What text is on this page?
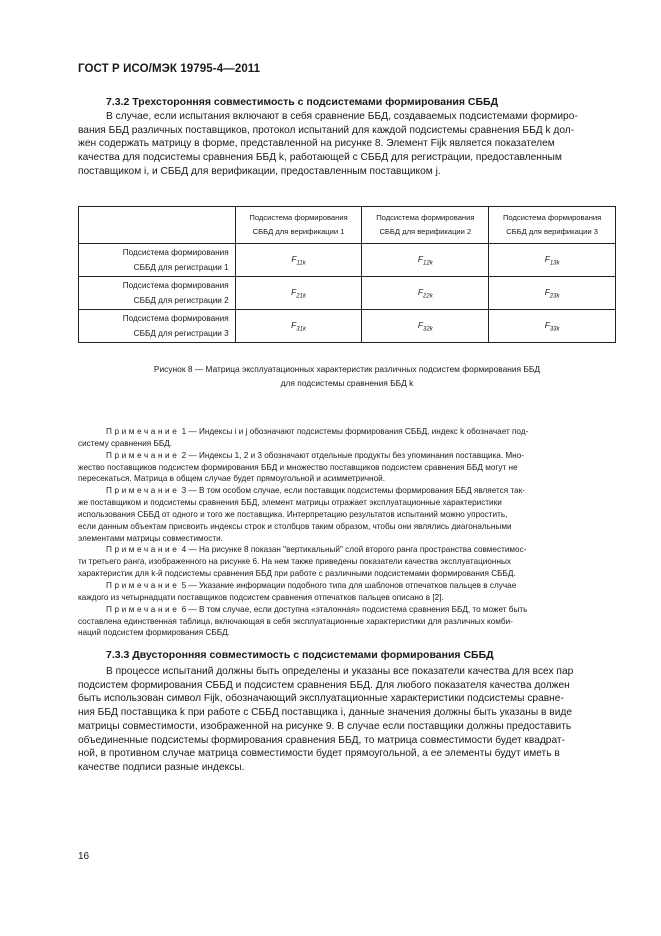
ГОСТ Р ИСО/МЭК 19795-4—2011
7.3.2 Трехсторонняя совместимость с подсистемами формирования СББД
В случае, если испытания включают в себя сравнение ББД, создаваемых подсистемами формиро-
вания ББД различных поставщиков, протокол испытаний для каждой подсистемы сравнения ББД k дол-
жен содержать матрицу в форме, представленной на рисунке 8. Элемент Fijk является показателем
качества для подсистемы сравнения ББД k, работающей с СББД для регистрации, предоставленным
поставщиком i, и СББД для верификации, предоставленным поставщиком j.
	Подсистема формирования
СББД для верификации 1	Подсистема формирования
СББД для верификации 2	Подсистема формирования
СББД для верификации 3
Подсистема формирования
СББД для регистрации 1	$F_{11k}$	$F_{12k}$	$F_{13k}$
Подсистема формирования
СББД для регистрации 2	$F_{21k}$	$F_{22k}$	$F_{23k}$
Подсистема формирования
СББД для регистрации 3	$F_{31k}$	$F_{32k}$	$F_{33k}$
Рисунок 8 — Матрица эксплуатационных характеристик различных подсистем формирования ББД
для подсистемы сравнения ББД k
Примечание 1 — Индексы i и j обозначают подсистемы формирования СББД, индекс k обозначает под-
систему сравнения ББД.
Примечание 2 — Индексы 1, 2 и 3 обозначают отдельные продукты без упоминания поставщика. Мно-
жество поставщиков подсистем формирования ББД и множество поставщиков подсистем сравнения ББД могут не
пересекаться. Матрица в общем случае будет прямоугольной и асимметричной.
Примечание 3 — В том особом случае, если поставщик подсистемы формирования ББД является так-
же поставщиком и подсистемы сравнения ББД, элемент матрицы отражает эксплуатационные характеристики
использования СББД от одного и того же поставщика. Интерпретацию результатов испытаний можно упростить,
если данным объектам присвоить индексы строк и столбцов таким образом, чтобы они являлись диагональными
элементами матрицы совместимости.
Примечание 4 — На рисунке 8 показан "вертикальный" слой второго ранга пространства совместимос-
ти третьего ранга, изображенного на рисунке 6. На нем также приведены показатели качества эксплуатационных
характеристик для k-й подсистемы сравнения ББД при работе с различными подсистемами формирования СББД.
Примечание 5 — Указание информации подобного типа для шаблонов отпечатков пальцев в случае
каждого из четырнадцати поставщиков подсистем сравнения отпечатков пальцев описано в [2].
Примечание 6 — В том случае, если доступна «эталонная» подсистема сравнения ББД, то может быть
составлена единственная таблица, включающая в себя эксплуатационные характеристики для различных комби-
наций подсистем формирования СББД.
7.3.3 Двусторонняя совместимость с подсистемами формирования СББД
В процессе испытаний должны быть определены и указаны все показатели качества для всех пар
подсистем формирования СББД и подсистем сравнения ББД. Для любого показателя качества должен
быть использован символ Fijk, обозначающий эксплуатационные характеристики подсистемы сравне-
ния ББД поставщика k при работе с СББД поставщика i, данные значения должны быть указаны в виде
матрицы совместимости, изображенной на рисунке 9. В случае если поставщики должны предоставить
объединенные подсистемы формирования сравнения ББД, то матрица совместимости будет квадрат-
ной, в противном случае матрица совместимости будет прямоугольной, а ее элементы будут иметь в
качестве подписи разные индексы.
16
